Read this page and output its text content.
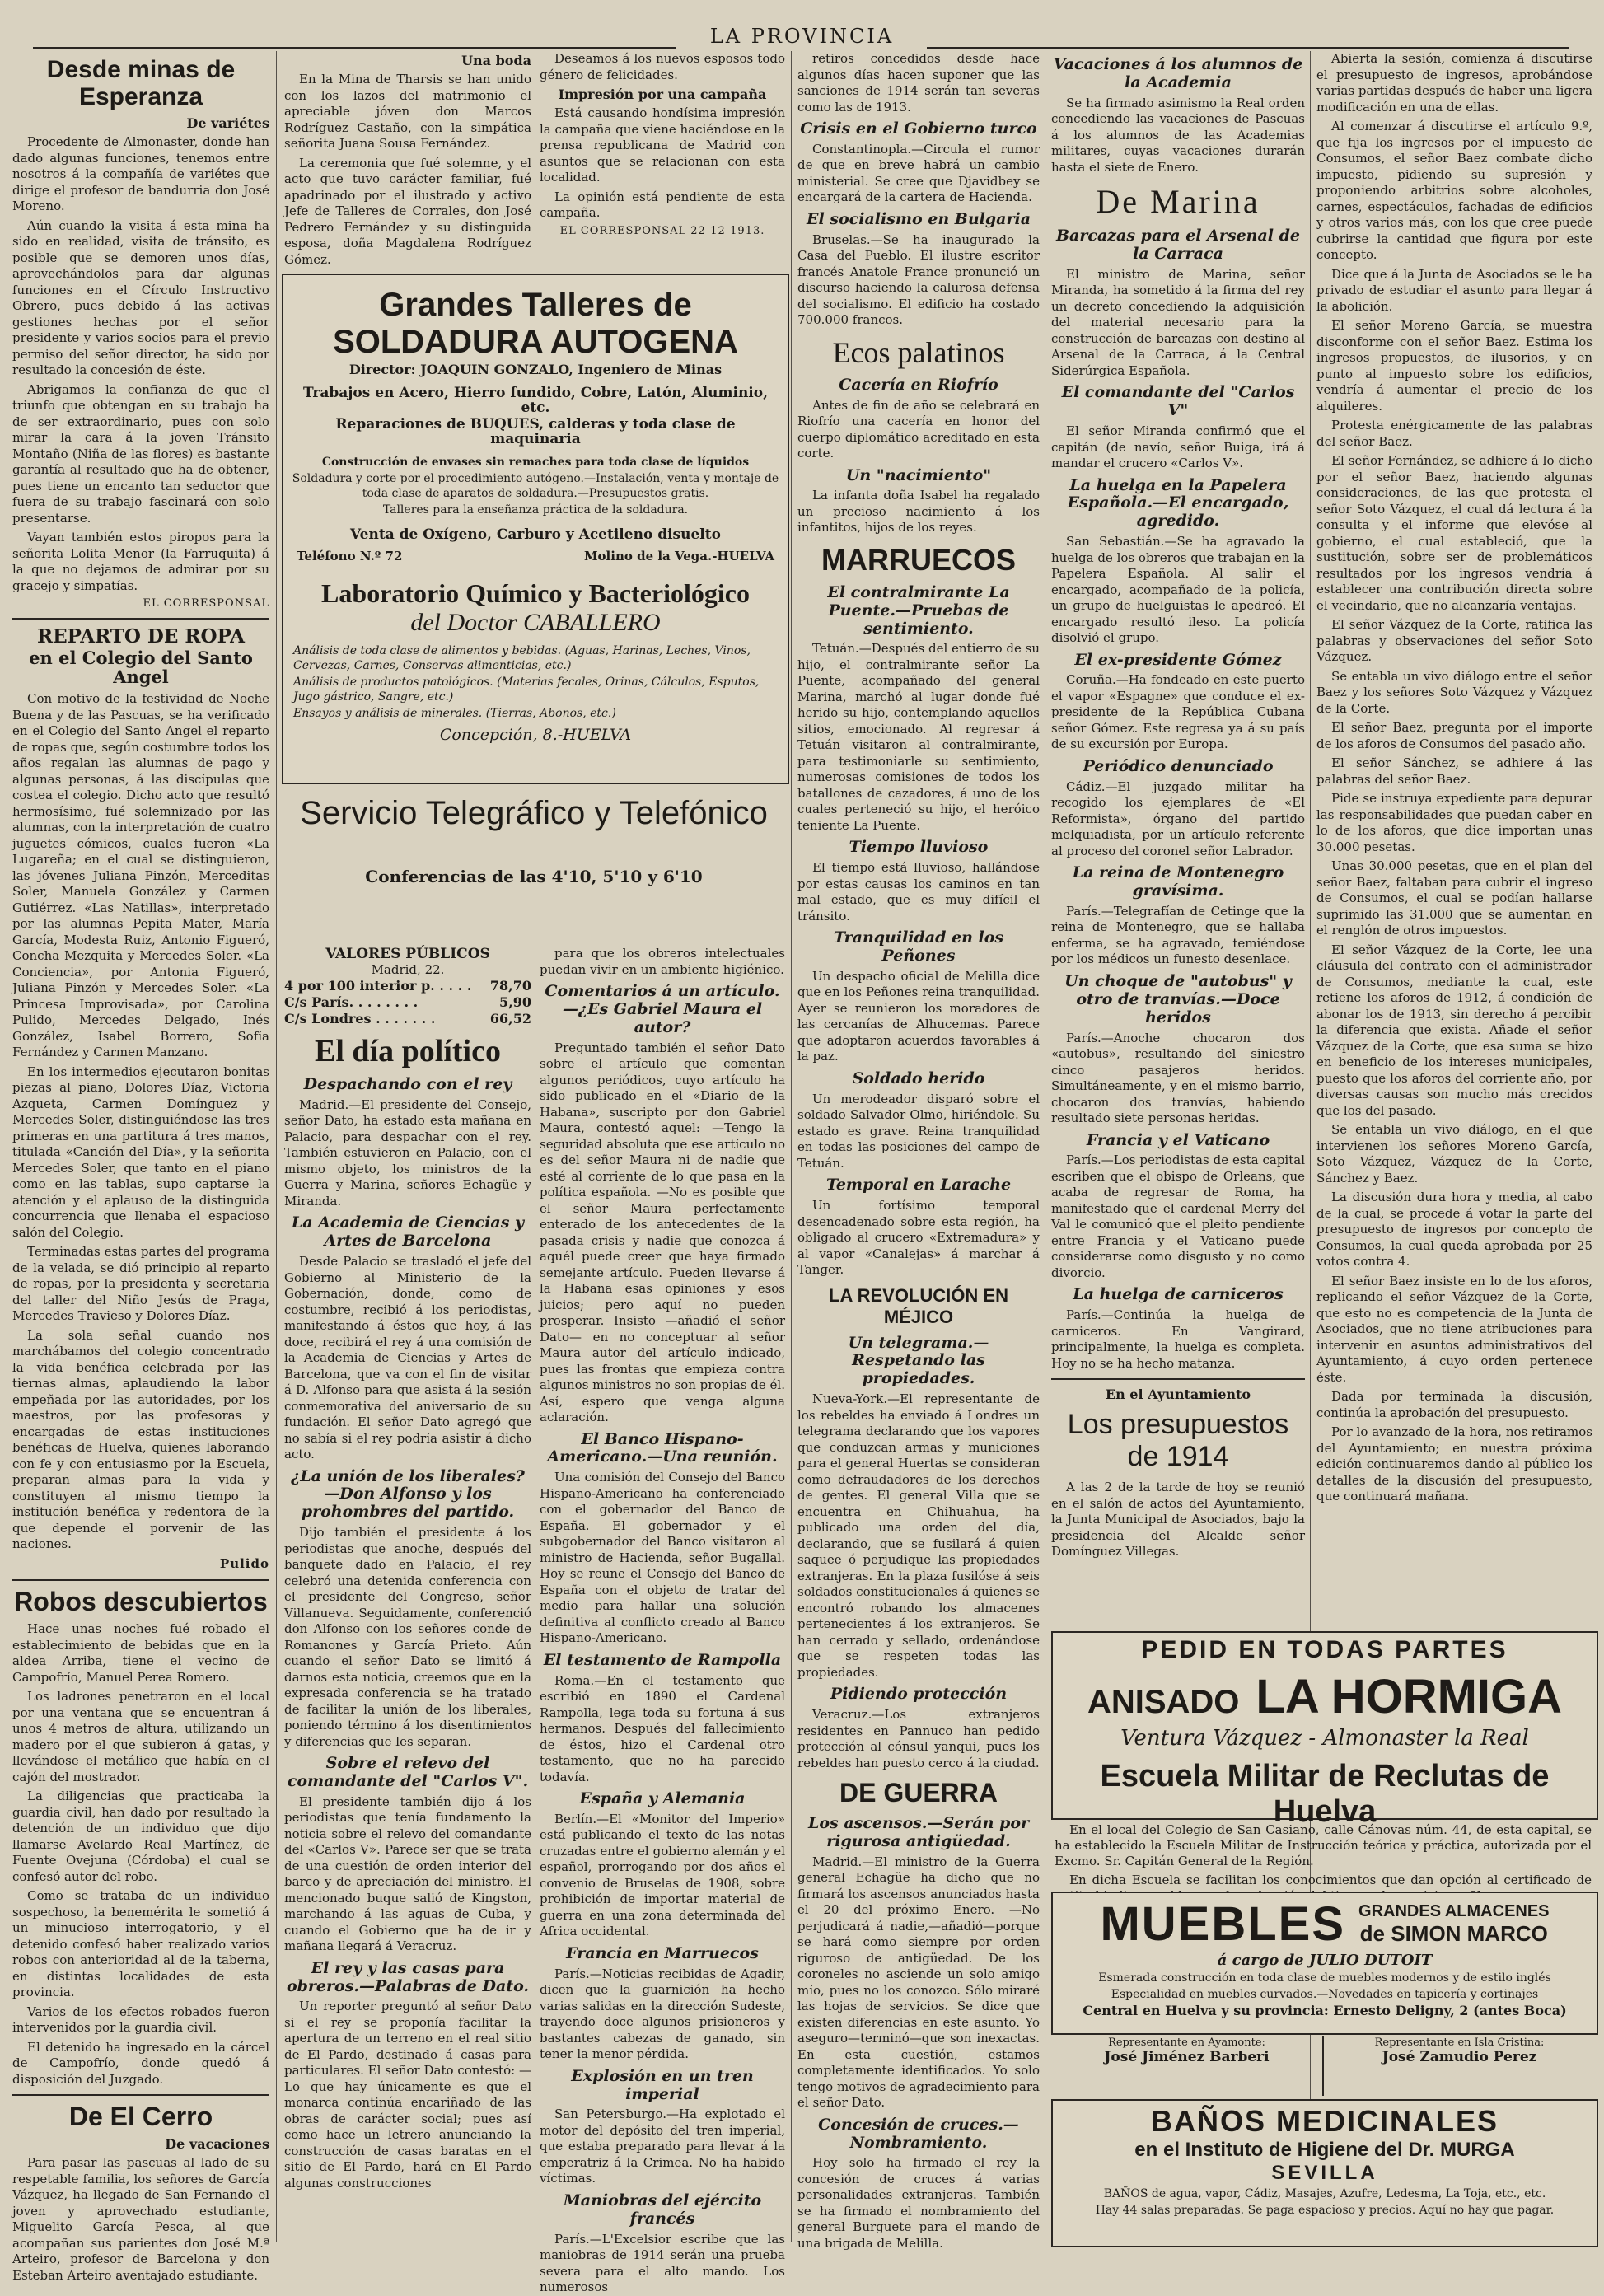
LA PROVINCIA
Desde minas de Esperanza
De variétes

Procedente de Almonaster, donde han dado algunas funciones, tenemos entre nosotros á la compañía de variétes que dirige el profesor de bandurria don José Moreno.

Aún cuando la visita á esta mina ha sido en realidad, visita de tránsito, es posible que se demoren unos días, aprovechándolos para dar algunas funciones en el Círculo Instructivo Obrero, pues debido á las activas gestiones hechas por el señor presidente y varios socios para el previo permiso del señor director, ha sido por resultado la concesión de éste.

Abrigamos la confianza de que el triunfo que obtengan en su trabajo ha de ser extraordinario, pues con solo mirar la cara á la joven Tránsito Montaño (Niña de las flores) es bastante garantía al resultado que ha de obtener, pues tiene un encanto tan seductor que fuera de su trabajo fascinará con solo presentarse.

Vayan también estos piropos para la señorita Lolita Menor (la Farruquita) á la que no dejamos de admirar por su gracejo y simpatías.

EL CORRESPONSAL
REPARTO DE ROPA
en el Colegio del Santo Angel

Con motivo de la festividad de Noche Buena y de las Pascuas, se ha verificado en el Colegio del Santo Angel el reparto de ropas que, según costumbre todos los años regalan las alumnas de pago y algunas personas, á las discípulas que costea el colegio. Dicho acto que resultó hermosísimo, fué solemnizado por las alumnas, con la interpretación de cuatro juguetes cómicos, cuales fueron «La Lugareña; en el cual se distinguieron, las jóvenes Juliana Pinzón, Merceditas Soler, Manuela González y Carmen Gutiérrez. «Las Natillas», interpretado por las alumnas Pepita Mater, María García, Modesta Ruiz, Antonio Figueró, Concha Mezquita y Mercedes Soler. «La Conciencia», por Antonia Figueró, Juliana Pinzón y Mercedes Soler. «La Princesa Improvisada», por Carolina Pulido, Mercedes Delgado, Inés González, Isabel Borrero, Sofía Fernández y Carmen Manzano.

En los intermedios ejecutaron bonitas piezas al piano, Dolores Díaz, Victoria Azqueta, Carmen Domínguez y Mercedes Soler, distinguiéndose las tres primeras en una partitura á tres manos, titulada «Canción del Día», y la señorita Mercedes Soler, que tanto en el piano como en las tablas, supo captarse la atención y el aplauso de la distinguida concurrencia que llenaba el espacioso salón del Colegio.

Terminadas estas partes del programa de la velada, se dió principio al reparto de ropas, por la presidenta y secretaria del taller del Niño Jesús de Praga, Mercedes Travieso y Dolores Díaz.

La sola señal cuando nos marchábamos del colegio concentrado la vida benéfica celebrada por las tiernas almas, aplaudiendo la labor empeñada por las autoridades, por los maestros, por las profesoras y encargadas de estas instituciones benéficas de Huelva, quienes laborando con fe y con entusiasmo por la Escuela, preparan almas para la vida y constituyen al mismo tiempo la institución benéfica y redentora de la que depende el porvenir de las naciones.

Pulido
Robos descubiertos

Hace unas noches fué robado el establecimiento de bebidas que en la aldea Arriba, tiene el vecino de Campofrío, Manuel Perea Romero.

Los ladrones penetraron en el local por una ventana que se encuentran á unos 4 metros de altura, utilizando un madero por el que subieron á gatas, y llevándose el metálico que había en el cajón del mostrador.

La diligencias que practicaba la guardia civil, han dado por resultado la detención de un individuo que dijo llamarse Avelardo Real Martínez, de Fuente Ovejuna (Córdoba) el cual se confesó autor del robo.

Como se trataba de un individuo sospechoso, la benemérita le sometió á un minucioso interrogatorio, y el detenido confesó haber realizado varios robos con anterioridad al de la taberna, en distintas localidades de esta provincia.

Varios de los efectos robados fueron intervenidos por la guardia civil.

El detenido ha ingresado en la cárcel de Campofrío, donde quedó á disposición del Juzgado.

De El Cerro
De vacaciones

Para pasar las pascuas al lado de su respetable familia, los señores de García Vázquez, ha llegado de San Fernando el joven y aprovechado estudiante, Miguelito García Pesca, al que acompañan sus parientes don José M.ª Arteiro, profesor de Barcelona y don Esteban Arteiro aventajado estudiante.

Una boda

En la Mina de Tharsis se han unido con los lazos del matrimonio el apreciable jóven don Marcos Rodríguez Castaño, con la simpática señorita Juana Sousa Fernández.

La ceremonia que fué solemne, y el acto que tuvo carácter familiar, fué apadrinado por el ilustrado y activo Jefe de Talleres de Corrales, don José Pedrero Fernández y su distinguida esposa, doña Magdalena Rodríguez Gómez.

Deseamos á los nuevos esposos todo género de felicidades.

Impresión por una campaña

Está causando hondísima impresión la campaña que viene haciéndose en la prensa republicana de Madrid con asuntos que se relacionan con esta localidad.

La opinión está pendiente de esta campaña.

EL CORRESPONSAL 22-12-1913.
Grandes Talleres de SOLDADURA AUTOGENA
Director: JOAQUIN GONZALO, Ingeniero de Minas
Trabajos en Acero, Hierro fundido, Cobre, Latón, Aluminio, etc.
Reparaciones de BUQUES, calderas y toda clase de maquinaria
Construcción de envases sin remaches para toda clase de líquidos
Soldadura y corte por el procedimiento autógeno.—Instalación, venta y montaje de toda clase de aparatos de soldadura.—Presupuestos gratis.
Talleres para la enseñanza práctica de la soldadura.
Venta de Oxígeno, Carburo y Acetileno disuelto
Teléfono N.º 72	Molino de la Vega.-HUELVA
Laboratorio Químico y Bacteriológico
del Doctor CABALLERO
Análisis de toda clase de alimentos y bebidas. (Aguas, Harinas, Leches, Vinos, Cervezas, Carnes, Conservas alimenticias, etc.)
Análisis de productos patológicos. (Materias fecales, Orinas, Cálculos, Esputos, Jugo gástrico, Sangre, etc.)
Ensayos y análisis de minerales. (Tierras, Abonos, etc.)
Concepción, 8.-HUELVA
Servicio Telegráfico y Telefónico
Conferencias de las 4'10, 5'10 y 6'10
VALORES PÚBLICOS
Madrid, 22.
4 por 100 interior p. . . . . 78,70
C/s París. . . . . . . .	5,90
C/s Londres . . . . . . .	66,52
El día político
Despachando con el rey

Madrid.—El presidente del Consejo, señor Dato, ha estado esta mañana en Palacio, para despachar con el rey. También estuvieron en Palacio, con el mismo objeto, los ministros de la Guerra y Marina, señores Echagüe y Miranda.

La Academia de Ciencias y Artes de Barcelona

Desde Palacio se trasladó el jefe del Gobierno al Ministerio de la Gobernación, donde, como de costumbre, recibió á los periodistas, manifestando á éstos que hoy, á las doce, recibirá el rey á una comisión de la Academia de Ciencias y Artes de Barcelona, que va con el fin de visitar á D. Alfonso para que asista á la sesión conmemorativa del aniversario de su fundación. El señor Dato agregó que no sabía si el rey podría asistir á dicho acto.

¿La unión de los liberales?—Don Alfonso y los prohombres del partido.

Dijo también el presidente á los periodistas que anoche, después del banquete dado en Palacio, el rey celebró una detenida conferencia con el presidente del Congreso, señor Villanueva. Seguidamente, conferenció don Alfonso con los señores conde de Romanones y García Prieto. Aún cuando el señor Dato se limitó á darnos esta noticia, creemos que en la expresada conferencia se ha tratado de facilitar la unión de los liberales, poniendo término á los disentimientos y diferencias que les separan.

Sobre el relevo del comandante del "Carlos V".

El presidente también dijo á los periodistas que tenía fundamento la noticia sobre el relevo del comandante del «Carlos V». Parece ser que se trata de una cuestión de orden interior del barco y de apreciación del ministro. El mencionado buque salió de Kingston, marchando á las aguas de Cuba, y cuando el Gobierno que ha de ir y mañana llegará á Veracruz.

El rey y las casas para obreros.—Palabras de Dato.

Un reporter preguntó al señor Dato si el rey se proponía facilitar la apertura de un terreno en el real sitio de El Pardo, destinado á casas para particulares. El señor Dato contestó: —Lo que hay únicamente es que el monarca continúa encariñado de las obras de carácter social; pues así como hace un letrero anunciando la construcción de casas baratas en el sitio de El Pardo, hará en El Pardo algunas construcciones

para que los obreros intelectuales puedan vivir en un ambiente higiénico.

Comentarios á un artículo.—¿Es Gabriel Maura el autor?

Preguntado también el señor Dato sobre el artículo que comentan algunos periódicos, cuyo artículo ha sido publicado en el «Diario de la Habana», suscripto por don Gabriel Maura, contestó aquel: —Tengo la seguridad absoluta que ese artículo no es del señor Maura ni de nadie que esté al corriente de lo que pasa en la política española. —No es posible que el señor Maura perfectamente enterado de los antecedentes de la pasada crisis y nadie que conozca á aquél puede creer que haya firmado semejante artículo. Pueden llevarse á la Habana esas opiniones y esos juicios; pero aquí no pueden prosperar. Insisto —añadió el señor Dato— en no conceptuar al señor Maura autor del artículo indicado, pues las frontas que empieza contra algunos ministros no son propias de él. Así, espero que venga alguna aclaración.

El Banco Hispano-Americano.—Una reunión.

Una comisión del Consejo del Banco Hispano-Americano ha conferenciado con el gobernador del Banco de España. El gobernador y el subgobernador del Banco visitaron al ministro de Hacienda, señor Bugallal. Hoy se reune el Consejo del Banco de España con el objeto de tratar del medio para hallar una solución definitiva al conflicto creado al Banco Hispano-Americano.

El testamento de Rampolla

Roma.—En el testamento que escribió en 1890 el Cardenal Rampolla, lega toda su fortuna á sus hermanos. Después del fallecimiento de éstos, hizo el Cardenal otro testamento, que no ha parecido todavía.

España y Alemania

Berlín.—El «Monitor del Imperio» está publicando el texto de las notas cruzadas entre el gobierno alemán y el español, prorrogando por dos años el convenio de Bruselas de 1908, sobre prohibición de importar material de guerra en una zona determinada del Africa occidental.

Francia en Marruecos

París.—Noticias recibidas de Agadir, dicen que la guarnición ha hecho varias salidas en la dirección Sudeste, trayendo doce algunos prisioneros y bastantes cabezas de ganado, sin tener la menor pérdida.

Explosión en un tren imperial

San Petersburgo.—Ha explotado el motor del depósito del tren imperial, que estaba preparado para llevar á la emperatriz á la Crimea. No ha habido víctimas.

Maniobras del ejército francés

París.—L'Excelsior escribe que las maniobras de 1914 serán una prueba severa para el alto mando. Los numerosos

retiros concedidos desde hace algunos días hacen suponer que las sanciones de 1914 serán tan severas como las de 1913.

Crisis en el Gobierno turco

Constantinopla.—Circula el rumor de que en breve habrá un cambio ministerial. Se cree que Djavidbey se encargará de la cartera de Hacienda.

El socialismo en Bulgaria

Bruselas.—Se ha inaugurado la Casa del Pueblo. El ilustre escritor francés Anatole France pronunció un discurso haciendo la calurosa defensa del socialismo. El edificio ha costado 700.000 francos.

Ecos palatinos
Cacería en Riofrío

Antes de fin de año se celebrará en Riofrío una cacería en honor del cuerpo diplomático acreditado en esta corte.

Un "nacimiento"

La infanta doña Isabel ha regalado un precioso nacimiento á los infantitos, hijos de los reyes.

MARRUECOS
El contralmirante La Puente.—Pruebas de sentimiento.

Tetuán.—Después del entierro de su hijo, el contralmirante señor La Puente, acompañado del general Marina, marchó al lugar donde fué herido su hijo, contemplando aquellos sitios, emocionado. Al regresar á Tetuán visitaron al contralmirante, para testimoniarle su sentimiento, numerosas comisiones de todos los batallones de cazadores, á uno de los cuales perteneció su hijo, el heróico teniente La Puente.

Tiempo lluvioso

El tiempo está lluvioso, hallándose por estas causas los caminos en tan mal estado, que es muy difícil el tránsito.

Tranquilidad en los Peñones

Un despacho oficial de Melilla dice que en los Peñones reina tranquilidad. Ayer se reunieron los moradores de las cercanías de Alhucemas. Parece que adoptaron acuerdos favorables á la paz.

Soldado herido

Un merodeador disparó sobre el soldado Salvador Olmo, hiriéndole. Su estado es grave. Reina tranquilidad en todas las posiciones del campo de Tetuán.

Temporal en Larache

Un fortísimo temporal desencadenado sobre esta región, ha obligado al crucero «Extremadura» y al vapor «Canalejas» á marchar á Tanger.

LA REVOLUCIÓN EN MÉJICO
Un telegrama.—Respetando las propiedades.

Nueva-York.—El representante de los rebeldes ha enviado á Londres un telegrama declarando que los vapores que conduzcan armas y municiones para el general Huertas se consideran como defraudadores de los derechos de gentes. El general Villa que se encuentra en Chihuahua, ha publicado una orden del día, declarando, que se fusilará á quien saquee ó perjudique las propiedades extranjeras. En la plaza fusilóse á seis soldados constitucionales á quienes se encontró robando los almacenes pertenecientes á los extranjeros. Se han cerrado y sellado, ordenándose que se respeten todas las propiedades.

Pidiendo protección

Veracruz.—Los extranjeros residentes en Pannuco han pedido protección al cónsul yanqui, pues los rebeldes han puesto cerco á la ciudad.

DE GUERRA
Los ascensos.—Serán por rigurosa antigüedad.

Madrid.—El ministro de la Guerra general Echagüe ha dicho que no firmará los ascensos anunciados hasta el 20 del próximo Enero. —No perjudicará á nadie,—añadió—porque se hará como siempre por orden riguroso de antigüedad. De los coroneles no asciende un solo amigo mío, pues no los conozco. Sólo miraré las hojas de servicios. Se dice que existen diferencias en este asunto. Yo aseguro—terminó—que son inexactas. En esta cuestión, estamos completamente identificados. Yo solo tengo motivos de agradecimiento para el señor Dato.

Concesión de cruces.—Nombramiento.

Hoy solo ha firmado el rey la concesión de cruces á varias personalidades extranjeras. También se ha firmado el nombramiento del general Burguete para el mando de una brigada de Melilla.

Vacaciones á los alumnos de la Academia

Se ha firmado asimismo la Real orden concediendo las vacaciones de Pascuas á los alumnos de las Academias militares, cuyas vacaciones durarán hasta el siete de Enero.

De Marina
Barcazas para el Arsenal de la Carraca

El ministro de Marina, señor Miranda, ha sometido á la firma del rey un decreto concediendo la adquisición del material necesario para la construcción de barcazas con destino al Arsenal de la Carraca, á la Central Siderúrgica Española.

El comandante del "Carlos V"

El señor Miranda confirmó que el capitán (de navío, señor Buiga, irá á mandar el crucero «Carlos V».

La huelga en la Papelera Española.—El encargado, agredido.

San Sebastián.—Se ha agravado la huelga de los obreros que trabajan en la Papelera Española. Al salir el encargado, acompañado de la policía, un grupo de huelguistas le apedreó. El encargado resultó ileso. La policía disolvió el grupo.

El ex-presidente Gómez

Coruña.—Ha fondeado en este puerto el vapor «Espagne» que conduce el ex-presidente de la República Cubana señor Gómez. Este regresa ya á su país de su excursión por Europa.

Periódico denunciado

Cádiz.—El juzgado militar ha recogido los ejemplares de «El Reformista», órgano del partido melquiadista, por un artículo referente al proceso del coronel señor Labrador.

La reina de Montenegro gravísima.

París.—Telegrafían de Cetinge que la reina de Montenegro, que se hallaba enferma, se ha agravado, temiéndose por los médicos un funesto desenlace.

Un choque de "autobus" y otro de tranvías.—Doce heridos

París.—Anoche chocaron dos «autobus», resultando del siniestro cinco pasajeros heridos. Simultáneamente, y en el mismo barrio, chocaron dos tranvías, habiendo resultado siete personas heridas.

Francia y el Vaticano

París.—Los periodistas de esta capital escriben que el obispo de Orleans, que acaba de regresar de Roma, ha manifestado que el cardenal Merry del Val le comunicó que el pleito pendiente entre Francia y el Vaticano puede considerarse como disgusto y no como divorcio.

La huelga de carniceros

París.—Continúa la huelga de carniceros. En Vangirard, principalmente, la huelga es completa. Hoy no se ha hecho matanza.

En el Ayuntamiento
Los presupuestos de 1914

A las 2 de la tarde de hoy se reunió en el salón de actos del Ayuntamiento, la Junta Municipal de Asociados, bajo la presidencia del Alcalde señor Domínguez Villegas.

Abierta la sesión, comienza á discutirse el presupuesto de ingresos, aprobándose varias partidas después de haber una ligera modificación en una de ellas.

Al comenzar á discutirse el artículo 9.º, que fija los ingresos por el impuesto de Consumos, el señor Baez combate dicho impuesto, pidiendo su supresión y proponiendo arbitrios sobre alcoholes, carnes, espectáculos, fachadas de edificios y otros varios más, con los que cree puede cubrirse la cantidad que figura por este concepto.

Dice que á la Junta de Asociados se le ha privado de estudiar el asunto para llegar á la abolición.

El señor Moreno García, se muestra disconforme con el señor Baez. Estima los ingresos propuestos, de ilusorios, y en punto al impuesto sobre los edificios, vendría á aumentar el precio de los alquileres.

Protesta enérgicamente de las palabras del señor Baez.

El señor Fernández, se adhiere á lo dicho por el señor Baez, haciendo algunas consideraciones, de las que protesta el señor Soto Vázquez, el cual dá lectura á la consulta y el informe que elevóse al gobierno, el cual estableció, que la sustitución, sobre ser de problemáticos resultados por los ingresos vendría á establecer una contribución directa sobre el vecindario, que no alcanzaría ventajas.

El señor Vázquez de la Corte, ratifica las palabras y observaciones del señor Soto Vázquez.

Se entabla un vivo diálogo entre el señor Baez y los señores Soto Vázquez y Vázquez de la Corte.

El señor Baez, pregunta por el importe de los aforos de Consumos del pasado año.

El señor Sánchez, se adhiere á las palabras del señor Baez.

Pide se instruya expediente para depurar las responsabilidades que puedan caber en lo de los aforos, que dice importan unas 30.000 pesetas.

Unas 30.000 pesetas, que en el plan del señor Baez, faltaban para cubrir el ingreso de Consumos, el cual se podían hallarse suprimido las 31.000 que se aumentan en el renglón de otros impuestos.

El señor Vázquez de la Corte, lee una cláusula del contrato con el administrador de Consumos, mediante la cual, este retiene los aforos de 1912, á condición de abonar los de 1913, sin derecho á percibir la diferencia que exista. Añade el señor Vázquez de la Corte, que esa suma se hizo en beneficio de los intereses municipales, puesto que los aforos del corriente año, por diversas causas son mucho más crecidos que los del pasado.

Se entabla un vivo diálogo, en el que intervienen los señores Moreno García, Soto Vázquez, Vázquez de la Corte, Sánchez y Baez.

La discusión dura hora y media, al cabo de la cual, se procede á votar la parte del presupuesto de ingresos por concepto de Consumos, la cual queda aprobada por 25 votos contra 4.

El señor Baez insiste en lo de los aforos, replicando el señor Vázquez de la Corte, que esto no es competencia de la Junta de Asociados, que no tiene atribuciones para intervenir en asuntos administrativos del Ayuntamiento, á cuyo orden pertenece éste.

Dada por terminada la discusión, continúa la aprobación del presupuesto.

Por lo avanzado de la hora, nos retiramos del Ayuntamiento; en nuestra próxima edición continuaremos dando al público los detalles de la discusión del presupuesto, que continuará mañana.

PEDID EN TODAS PARTES
ANISADO LA HORMIGA
Ventura Vázquez - Almonaster la Real
Escuela Militar de Reclutas de Huelva

En el local del Colegio de San Casiano, calle Cánovas núm. 44, de esta capital, se ha establecido la Escuela Militar de Instrucción teórica y práctica, autorizada por el Excmo. Sr. Capitán General de la Región.

En dicha Escuela se facilitan los conocimientos que dan opción al certificado de

MUEBLES GRANDES ALMACENES
de SIMON MARCO
á cargo de JULIO DUTOIT
Esmerada construcción en toda clase de muebles modernos y de estilo inglés
Especialidad en muebles curvados.—Novedades en tapicería y cortinajes
Central en Huelva y su provincia: Ernesto Deligny, 2 (antes Boca)
Representante en Ayamonte:
José Jiménez Barberi
Representante en Isla Cristina:
José Zamudio Perez
BAÑOS MEDICINALES
en el Instituto de Higiene del Dr. MURGA
SEVILLA
BAÑOS de agua, vapor, Cádiz, Masajes, Azufre, Ledesma, La Toja, etc., etc.
Hay 44 salas preparadas. Se paga espacioso y precios. Aquí no hay que pagar.
